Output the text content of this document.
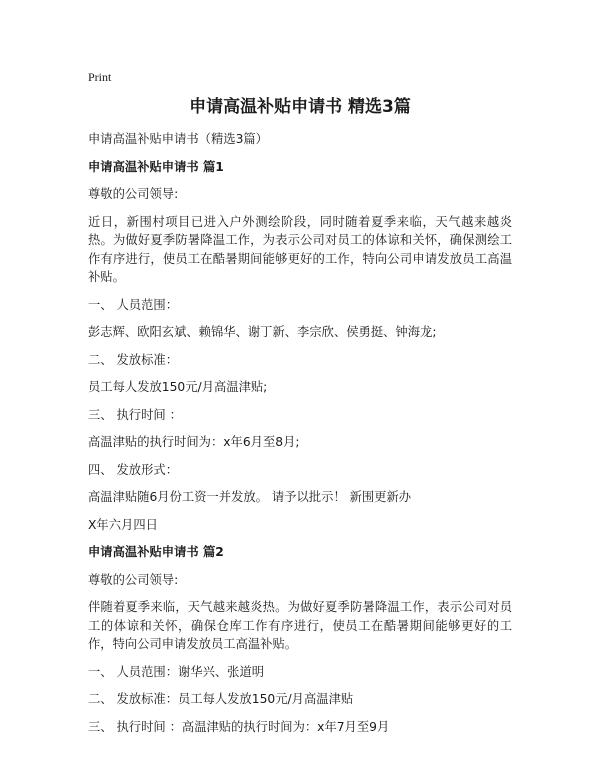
Print
申请高温补贴申请书 精选3篇

申请高温补贴申请书（精选3篇）

申请高温补贴申请书 篇1

尊敬的公司领导:

近日，新围村项目已进入户外测绘阶段，同时随着夏季来临，天气越来越炎热。为做好夏季防暑降温工作，为表示公司对员工的体谅和关怀，确保测绘工作有序进行，使员工在酷暑期间能够更好的工作，特向公司申请发放员工高温补贴。

一、 人员范围：

彭志辉、欧阳玄斌、赖锦华、谢丁新、李宗欣、侯勇挺、钟海龙;

二、 发放标准：

员工每人发放150元/月高温津贴;

三、 执行时间 ：

高温津贴的执行时间为：x年6月至8月;

四、 发放形式：

高温津贴随6月份工资一并发放。 请予以批示！ 新围更新办

X年六月四日

申请高温补贴申请书 篇2

尊敬的公司领导:

伴随着夏季来临，天气越来越炎热。为做好夏季防暑降温工作，表示公司对员工的体谅和关怀，确保仓库工作有序进行，使员工在酷暑期间能够更好的工作，特向公司申请发放员工高温补贴。

一、 人员范围：谢华兴、张道明

二、 发放标准：员工每人发放150元/月高温津贴

三、 执行时间 ：高温津贴的执行时间为：x年7月至9月
